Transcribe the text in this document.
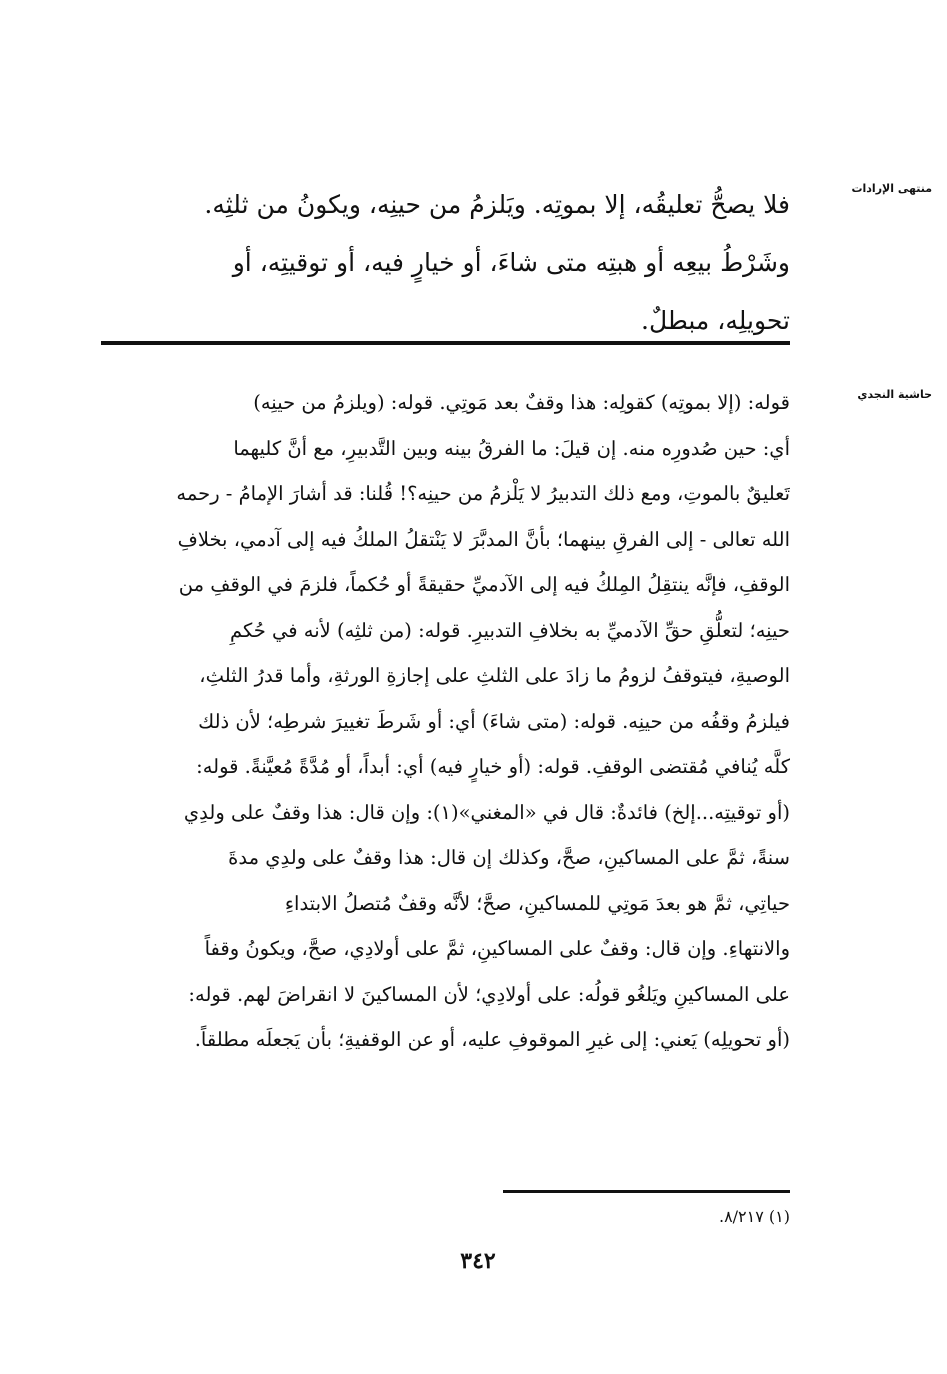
منتهى الإرادات
فلا يصحُّ تعليقُه، إلا بموتِه. ويَلزمُ من حينِه، ويكونُ من ثلثِه.
وشَرْطُ بيعِه أو هبتِه متى شاءَ، أو خيارٍ فيه، أو توقيتِه، أو
تحويلِه، مبطلٌ.
حاشية النجدي
قوله: (إلا بموتِه) كقولِه: هذا وقفٌ بعد مَوتِي. قوله: (ويلزمُ من حينِه)
أي: حين صُدورِه منه. إن قيلَ: ما الفرقُ بينه وبين التَّدبيرِ، مع أنَّ كليهما
تَعليقٌ بالموتِ، ومع ذلك التدبيرُ لا يَلْزمُ من حينِه؟! قُلنا: قد أشارَ الإمامُ - رحمه
الله تعالى - إلى الفرقِ بينهما؛ بأنَّ المدبَّرَ لا يَنْتقلُ الملكُ فيه إلى آدمي، بخلافِ
الوقفِ، فإنَّه ينتقِلُ المِلكُ فيه إلى الآدميِّ حقيقةً أو حُكماً، فلزمَ في الوقفِ من
حينِه؛ لتعلُّقِ حقِّ الآدميِّ به بخلافِ التدبيرِ. قوله: (من ثلثِه) لأنه في حُكمِ
الوصيةِ، فيتوقفُ لزومُ ما زادَ على الثلثِ على إجازةِ الورثةِ، وأما قدرُ الثلثِ،
فيلزمُ وقفُه من حينِه. قوله: (متى شاءَ) أي: أو شَرطَ تغييرَ شرطِه؛ لأن ذلك
كلَّه يُنافي مُقتضى الوقفِ. قوله: (أو خيارٍ فيه) أي: أبداً، أو مُدَّةً مُعيَّنةً. قوله:
(أو توقيتِه...إلخ) فائدةٌ: قال في «المغني»(١): وإن قال: هذا وقفٌ على ولدِي
سنةً، ثمَّ على المساكينِ، صحَّ، وكذلك إن قال: هذا وقفٌ على ولدِي مدةَ
حياتِي، ثمَّ هو بعدَ مَوتِي للمساكينِ، صحَّ؛ لأنَّه وقفٌ مُتصلُ الابتداءِ
والانتهاءِ. وإن قال: وقفٌ على المساكينِ، ثمَّ على أولادِي، صحَّ، ويكونُ وقفاً
على المساكينِ ويَلغُو قولُه: على أولادِي؛ لأن المساكينَ لا انقراضَ لهم. قوله:
(أو تحويلِه) يَعني: إلى غيرِ الموقوفِ عليه، أو عن الوقفيةِ؛ بأن يَجعلَه مطلقاً.
(١) ٨/٢١٧.
٣٤٢
